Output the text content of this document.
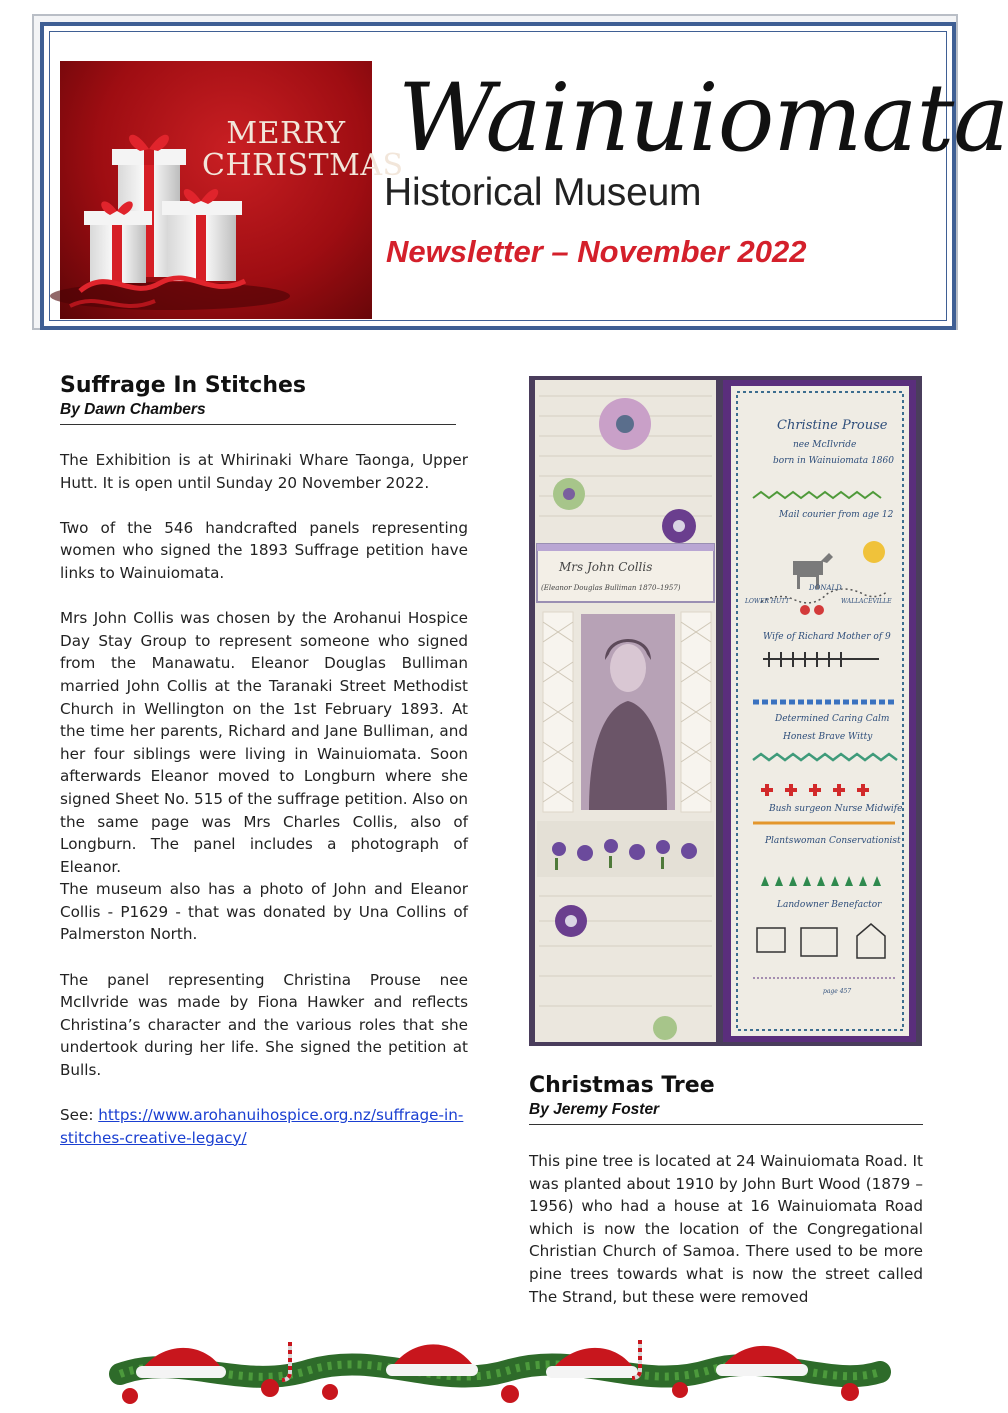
MERRY
CHRISTMAS
Wainuiomata
Historical Museum
Newsletter – November 2022
Suffrage In Stitches
By Dawn Chambers

The Exhibition is at Whirinaki Whare Taonga, Upper Hutt. It is open until Sunday 20 November 2022.

Two of the 546 handcrafted panels representing women who signed the 1893 Suffrage petition have links to Wainuiomata.

Mrs John Collis was chosen by the Arohanui Hospice Day Stay Group to represent someone who signed from the Manawatu. Eleanor Douglas Bulliman married John Collis at the Taranaki Street Methodist Church in Wellington on the 1st February 1893. At the time her parents, Richard and Jane Bulliman, and her four siblings were living in Wainuiomata. Soon afterwards Eleanor moved to Longburn where she signed Sheet No. 515 of the suffrage petition. Also on the same page was Mrs Charles Collis, also of Longburn. The panel includes a photograph of Eleanor.

The museum also has a photo of John and Eleanor Collis - P1629 - that was donated by Una Collins of Palmerston North.

The panel representing Christina Prouse nee McIlvride was made by Fiona Hawker and reflects Christina’s character and the various roles that she undertook during her life. She signed the petition at Bulls.

See: https://www.arohanuihospice.org.nz/suffrage-in-stitches-creative-legacy/

Mrs John Collis
(Eleanor Douglas Bulliman 1870–1957)
Christine Prouse
nee McIlvride
born in Wainuiomata 1860
Mail courier from age 12
DONALD
LOWER HUTT	WALLACEVILLE
Wife of Richard Mother of 9
Determined Caring Calm
Honest Brave Witty
Bush surgeon Nurse Midwife
Plantswoman Conservationist
Landowner Benefactor
page 457
Christmas Tree
By Jeremy Foster

This pine tree is located at 24 Wainuiomata Road. It was planted about 1910 by John Burt Wood (1879 – 1956) who had a house at 16 Wainuiomata Road which is now the location of the Congregational Christian Church of Samoa. There used to be more pine trees towards what is now the street called The Strand, but these were removed
